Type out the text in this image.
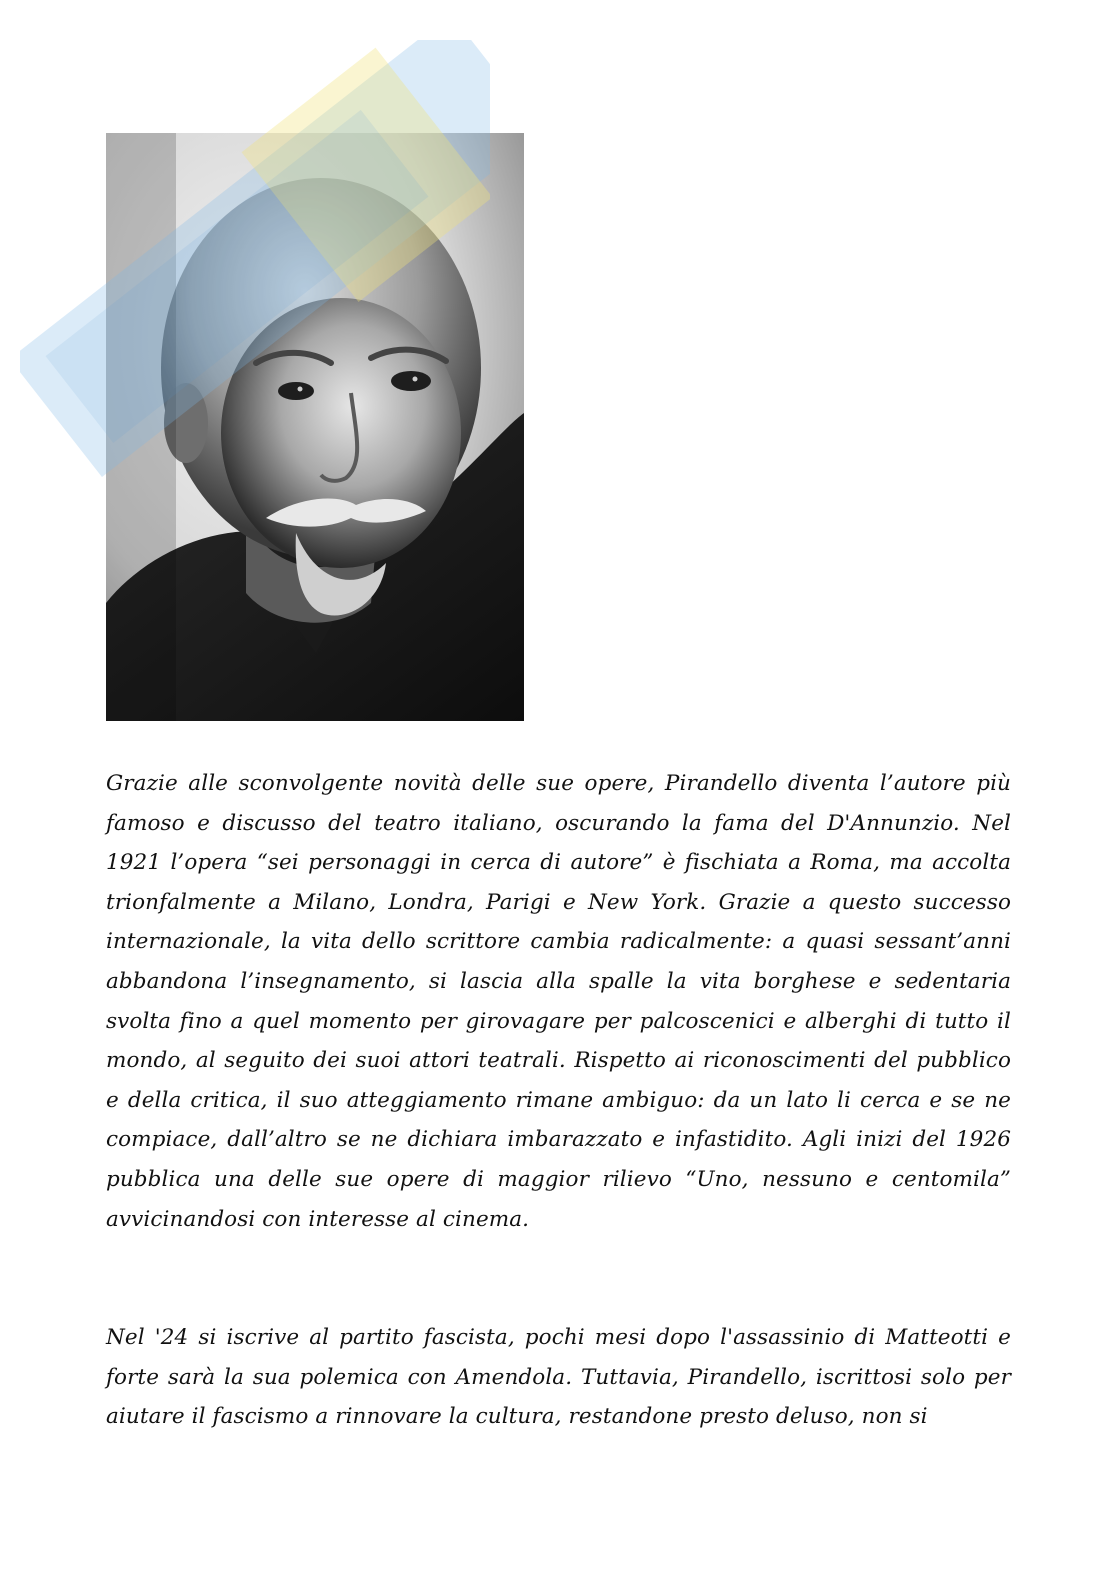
Grazie alle sconvolgente novità delle sue opere, Pirandello diventa l’autore più famoso e discusso del teatro italiano, oscurando la fama del D'Annunzio. Nel 1921 l’opera “sei personaggi in cerca di autore” è fischiata a Roma, ma accolta trionfalmente a Milano, Londra, Parigi e New York. Grazie a questo successo internazionale, la vita dello scrittore cambia radicalmente: a quasi sessant’anni abbandona l’insegnamento, si lascia alla spalle la vita borghese e sedentaria svolta fino a quel momento per girovagare per palcoscenici e alberghi di tutto il mondo, al seguito dei suoi attori teatrali. Rispetto ai riconoscimenti del pubblico e della critica, il suo atteggiamento rimane ambiguo: da un lato li cerca e se ne compiace, dall’altro se ne dichiara imbarazzato e infastidito. Agli inizi del 1926 pubblica una delle sue opere di maggior rilievo “Uno, nessuno e centomila” avvicinandosi con interesse al cinema.

Nel '24 si iscrive al partito fascista, pochi mesi dopo l'assassinio di Matteotti e forte sarà la sua polemica con Amendola. Tuttavia, Pirandello, iscrittosi solo per aiutare il fascismo a rinnovare la cultura, restandone presto deluso, non si
